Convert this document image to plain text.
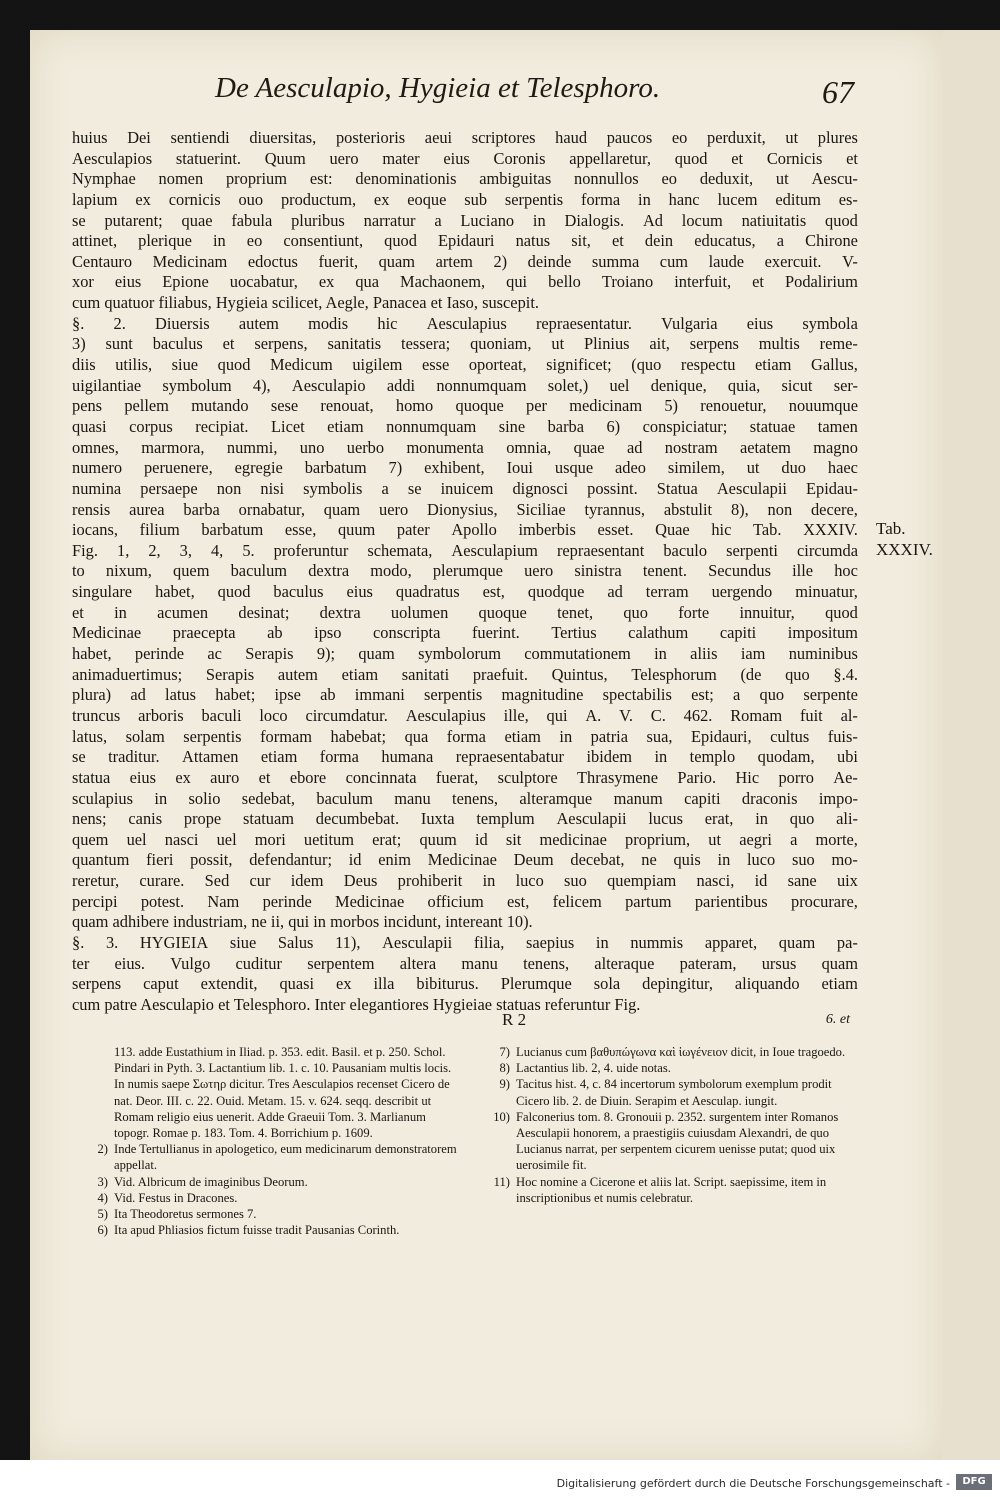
De Aesculapio, Hygieia et Telesphoro.	67
huius Dei sentiendi diuersitas, posterioris aeui scriptores haud paucos eo perduxit, ut plures
Aesculapios statuerint. Quum uero mater eius Coronis appellaretur, quod et Cornicis et
Nymphae nomen proprium est: denominationis ambiguitas nonnullos eo deduxit, ut Aescu-
lapium ex cornicis ouo productum, ex eoque sub serpentis forma in hanc lucem editum es-
se putarent; quae fabula pluribus narratur a Luciano in Dialogis. Ad locum natiuitatis quod
attinet, plerique in eo consentiunt, quod Epidauri natus sit, et dein educatus, a Chirone
Centauro Medicinam edoctus fuerit, quam artem 2) deinde summa cum laude exercuit. V-
xor eius Epione uocabatur, ex qua Machaonem, qui bello Troiano interfuit, et Podalirium
cum quatuor filiabus, Hygieia scilicet, Aegle, Panacea et Iaso, suscepit.
§. 2. Diuersis autem modis hic Aesculapius repraesentatur. Vulgaria eius symbola
3) sunt baculus et serpens, sanitatis tessera; quoniam, ut Plinius ait, serpens multis reme-
diis utilis, siue quod Medicum uigilem esse oporteat, significet; (quo respectu etiam Gallus,
uigilantiae symbolum 4), Aesculapio addi nonnumquam solet,) uel denique, quia, sicut ser-
pens pellem mutando sese renouat, homo quoque per medicinam 5) renouetur, nouumque
quasi corpus recipiat. Licet etiam nonnumquam sine barba 6) conspiciatur; statuae tamen
omnes, marmora, nummi, uno uerbo monumenta omnia, quae ad nostram aetatem magno
numero peruenere, egregie barbatum 7) exhibent, Ioui usque adeo similem, ut duo haec
numina persaepe non nisi symbolis a se inuicem dignosci possint. Statua Aesculapii Epidau-
rensis aurea barba ornabatur, quam uero Dionysius, Siciliae tyrannus, abstulit 8), non decere,
iocans, filium barbatum esse, quum pater Apollo imberbis esset. Quae hic Tab. XXXIV.
Fig. 1, 2, 3, 4, 5. proferuntur schemata, Aesculapium repraesentant baculo serpenti circumda
to nixum, quem baculum dextra modo, plerumque uero sinistra tenent. Secundus ille hoc
singulare habet, quod baculus eius quadratus est, quodque ad terram uergendo minuatur,
et in acumen desinat; dextra uolumen quoque tenet, quo forte innuitur, quod
Medicinae praecepta ab ipso conscripta fuerint. Tertius calathum capiti impositum
habet, perinde ac Serapis 9); quam symbolorum commutationem in aliis iam numinibus
animaduertimus; Serapis autem etiam sanitati praefuit. Quintus, Telesphorum (de quo §.4.
plura) ad latus habet; ipse ab immani serpentis magnitudine spectabilis est; a quo serpente
truncus arboris baculi loco circumdatur. Aesculapius ille, qui A. V. C. 462. Romam fuit al-
latus, solam serpentis formam habebat; qua forma etiam in patria sua, Epidauri, cultus fuis-
se traditur. Attamen etiam forma humana repraesentabatur ibidem in templo quodam, ubi
statua eius ex auro et ebore concinnata fuerat, sculptore Thrasymene Pario. Hic porro Ae-
sculapius in solio sedebat, baculum manu tenens, alteramque manum capiti draconis impo-
nens; canis prope statuam decumbebat. Iuxta templum Aesculapii lucus erat, in quo ali-
quem uel nasci uel mori uetitum erat; quum id sit medicinae proprium, ut aegri a morte,
quantum fieri possit, defendantur; id enim Medicinae Deum decebat, ne quis in luco suo mo-
reretur, curare. Sed cur idem Deus prohiberit in luco suo quempiam nasci, id sane uix
percipi potest. Nam perinde Medicinae officium est, felicem partum parientibus procurare,
quam adhibere industriam, ne ii, qui in morbos incidunt, intereant 10).
§. 3. HYGIEIA siue Salus 11), Aesculapii filia, saepius in nummis apparet, quam pa-
ter eius. Vulgo cuditur serpentem altera manu tenens, alteraque pateram, ursus quam
serpens caput extendit, quasi ex illa bibiturus. Plerumque sola depingitur, aliquando etiam
cum patre Aesculapio et Telesphoro. Inter elegantiores Hygieiae statuas referuntur Fig.
Tab. XXXIV.
R 2	6. et
113. adde Eustathium in Iliad. p. 353. edit. Basil. et p. 250. Schol. Pindari in Pyth. 3. Lactantium lib. 1. c. 10. Pausaniam multis locis. In numis saepe Σωτηρ dicitur. Tres Aesculapios recenset Cicero de nat. Deor. III. c. 22. Ouid. Metam. 15. v. 624. seqq. describit ut Romam religio eius uenerit. Adde Graeuii Tom. 3. Marlianum topogr. Romae p. 183. Tom. 4. Borrichium p. 1609.
2) Inde Tertullianus in apologetico, eum medicinarum demonstratorem appellat.
3) Vid. Albricum de imaginibus Deorum.
4) Vid. Festus in Dracones.
5) Ita Theodoretus sermones 7.
6) Ita apud Phliasios fictum fuisse tradit Pausanias Corinth.
7) Lucianus cum βαθυπώγωνα καὶ ἰωγένειον dicit, in Ioue tragoedo.
8) Lactantius lib. 2, 4. uide notas.
9) Tacitus hist. 4, c. 84 incertorum symbolorum exemplum prodit Cicero lib. 2. de Diuin. Serapim et Aesculap. iungit.
10) Falconerius tom. 8. Gronouii p. 2352. surgentem inter Romanos Aesculapii honorem, a praestigiis cuiusdam Alexandri, de quo Lucianus narrat, per serpentem cicurem uenisse putat; quod uix uerosimile fit.
11) Hoc nomine a Cicerone et aliis lat. Script. saepissime, item in inscriptionibus et numis celebratur.
Digitalisierung gefördert durch die Deutsche Forschungsgemeinschaft -	DFG
